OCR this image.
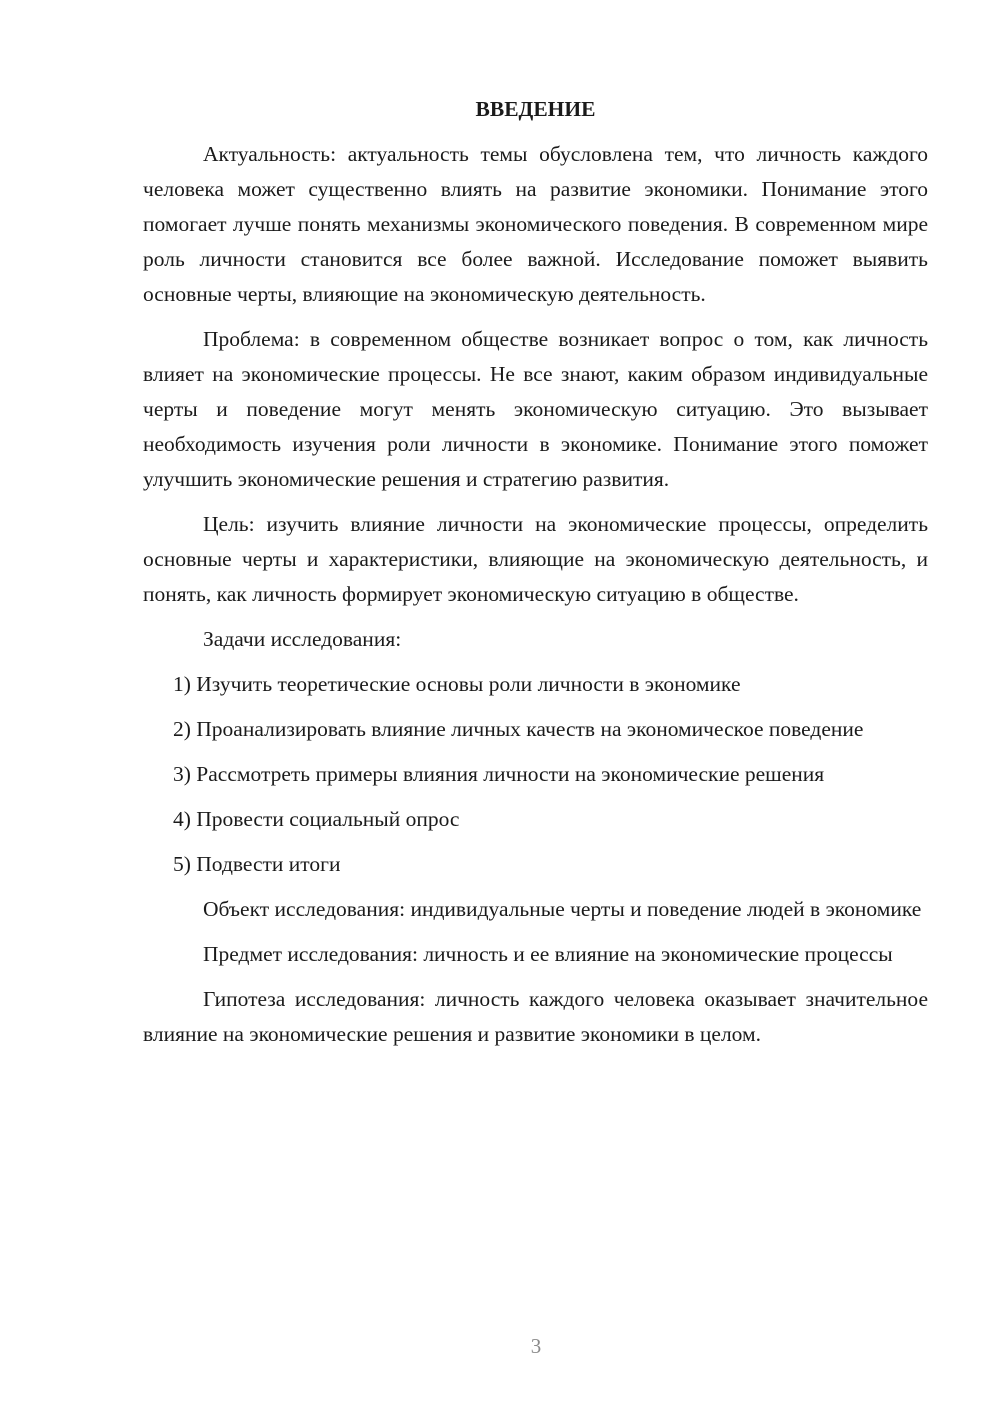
ВВЕДЕНИЕ

Актуальность: актуальность темы обусловлена тем, что личность каждого человека может существенно влиять на развитие экономики. Понимание этого помогает лучше понять механизмы экономического поведения. В современном мире роль личности становится все более важной. Исследование поможет выявить основные черты, влияющие на экономическую деятельность.

Проблема: в современном обществе возникает вопрос о том, как личность влияет на экономические процессы. Не все знают, каким образом индивидуальные черты и поведение могут менять экономическую ситуацию. Это вызывает необходимость изучения роли личности в экономике. Понимание этого поможет улучшить экономические решения и стратегию развития.

Цель: изучить влияние личности на экономические процессы, определить основные черты и характеристики, влияющие на экономическую деятельность, и понять, как личность формирует экономическую ситуацию в обществе.

Задачи исследования:

1) Изучить теоретические основы роли личности в экономике

2) Проанализировать влияние личных качеств на экономическое поведение

3) Рассмотреть примеры влияния личности на экономические решения

4) Провести социальный опрос

5) Подвести итоги

Объект исследования: индивидуальные черты и поведение людей в экономике

Предмет исследования: личность и ее влияние на экономические процессы

Гипотеза исследования: личность каждого человека оказывает значительное влияние на экономические решения и развитие экономики в целом.

3
